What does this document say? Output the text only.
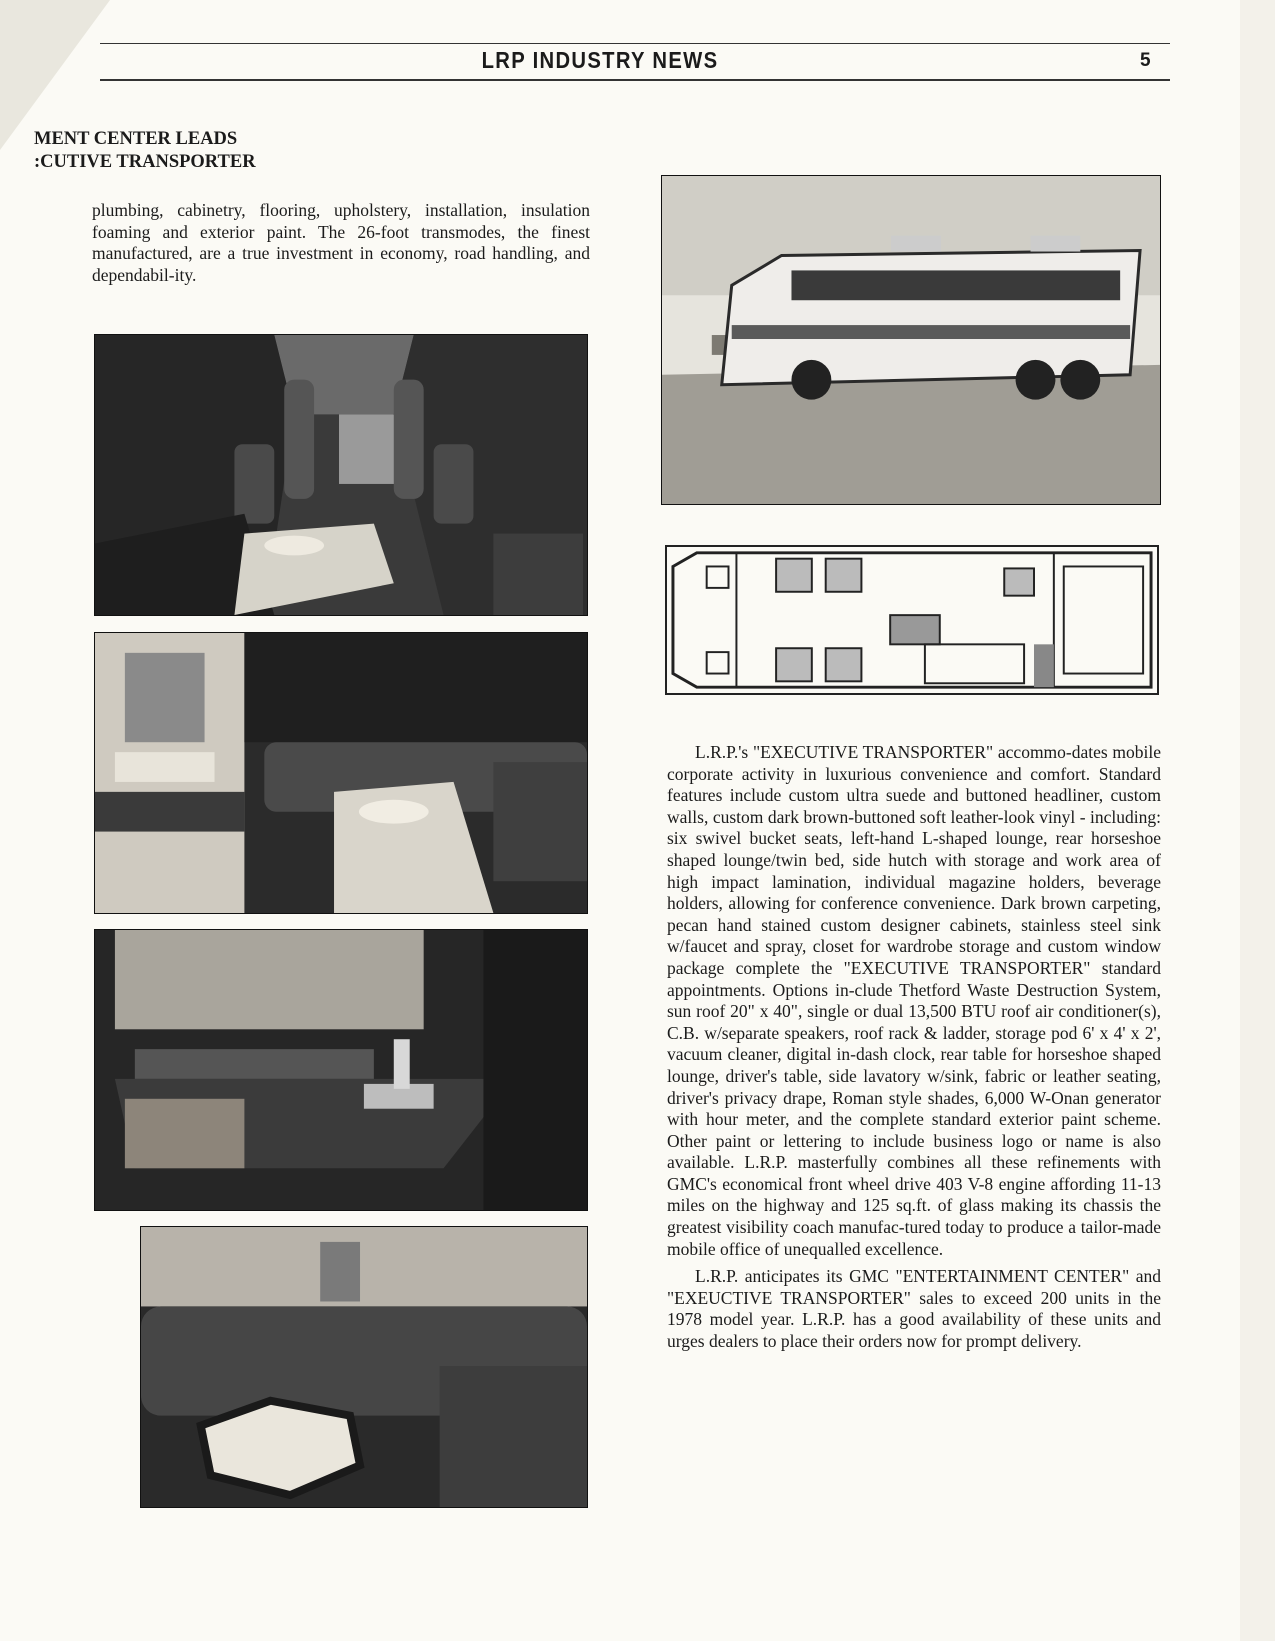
LRP INDUSTRY NEWS	5
MENT CENTER LEADS
:CUTIVE TRANSPORTER

plumbing, cabinetry, flooring, upholstery, installation, insulation foaming and exterior paint. The 26-foot transmodes, the finest manufactured, are a true investment in economy, road handling, and dependabil-ity.

L.R.P.'s "EXECUTIVE TRANSPORTER" accommo-dates mobile corporate activity in luxurious convenience and comfort. Standard features include custom ultra suede and buttoned headliner, custom walls, custom dark brown-buttoned soft leather-look vinyl - including: six swivel bucket seats, left-hand L-shaped lounge, rear horseshoe shaped lounge/twin bed, side hutch with storage and work area of high impact lamination, individual magazine holders, beverage holders, allowing for conference convenience. Dark brown carpeting, pecan hand stained custom designer cabinets, stainless steel sink w/faucet and spray, closet for wardrobe storage and custom window package complete the "EXECUTIVE TRANSPORTER" standard appointments. Options in-clude Thetford Waste Destruction System, sun roof 20" x 40", single or dual 13,500 BTU roof air conditioner(s), C.B. w/separate speakers, roof rack & ladder, storage pod 6' x 4' x 2', vacuum cleaner, digital in-dash clock, rear table for horseshoe shaped lounge, driver's table, side lavatory w/sink, fabric or leather seating, driver's privacy drape, Roman style shades, 6,000 W-Onan generator with hour meter, and the complete standard exterior paint scheme. Other paint or lettering to include business logo or name is also available. L.R.P. masterfully combines all these refinements with GMC's economical front wheel drive 403 V-8 engine affording 11-13 miles on the highway and 125 sq.ft. of glass making its chassis the greatest visibility coach manufac-tured today to produce a tailor-made mobile office of unequalled excellence.

L.R.P. anticipates its GMC "ENTERTAINMENT CENTER" and "EXEUCTIVE TRANSPORTER" sales to exceed 200 units in the 1978 model year. L.R.P. has a good availability of these units and urges dealers to place their orders now for prompt delivery.
